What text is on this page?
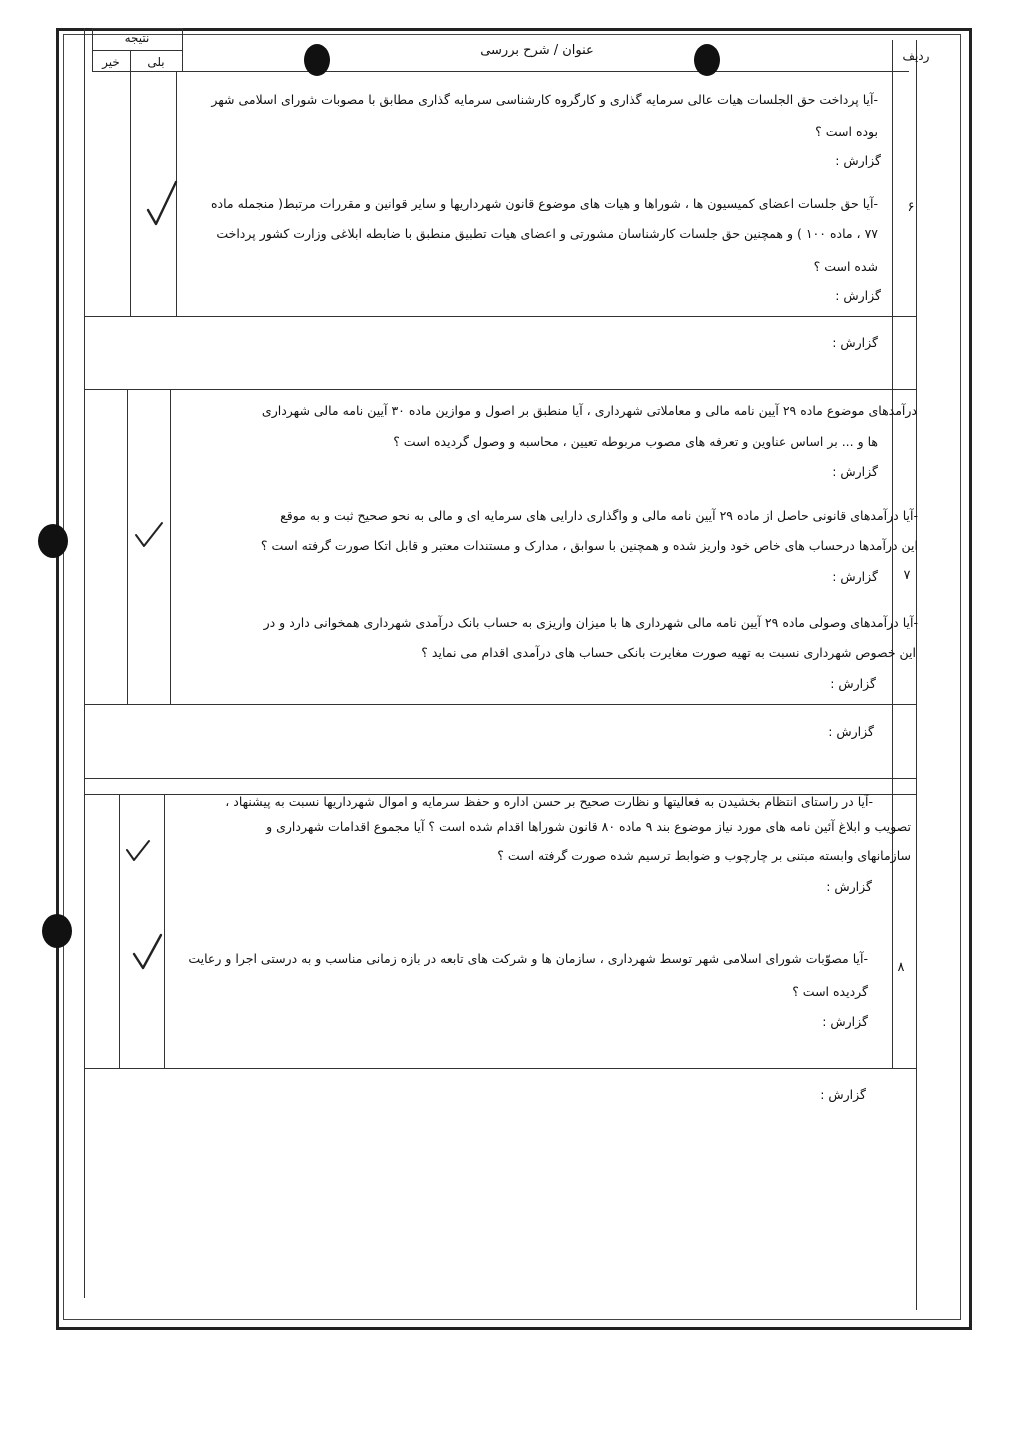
نتیجه
بلی
خیر
عنوان / شرح بررسی	ردیف
۶
-آیا پرداخت حق الجلسات هیات عالی سرمایه گذاری و کارگروه کارشناسی سرمایه گذاری مطابق با مصوبات شورای اسلامی شهر
بوده است ؟
گزارش :
-آیا حق جلسات اعضای کمیسیون ها ، شوراها و هیات های موضوع قانون شهرداریها و سایر قوانین و مقررات مرتبط( منجمله ماده
۷۷ ، ماده ۱۰۰ ) و همچنین حق جلسات کارشناسان مشورتی و اعضای هیات تطبیق منطبق با ضابطه ابلاغی وزارت کشور پرداخت
شده است ؟
گزارش :
گزارش :
۷
درآمدهای موضوع ماده ۲۹ آیین نامه مالی و معاملاتی شهرداری ، آیا منطبق بر اصول و موازین ماده ۳۰ آیین نامه مالی شهرداری
ها و ... بر اساس عناوین و تعرفه های مصوب مربوطه تعیین ، محاسبه و وصول گردیده است ؟
گزارش :
-آیا درآمدهای قانونی حاصل از ماده ۲۹ آیین نامه مالی و واگذاری دارایی های سرمایه ای و مالی به نحو صحیح ثبت و به موقع
این درآمدها درحساب های خاص خود واریز شده و همچنین با سوابق ، مدارک و مستندات معتبر و قابل اتکا صورت گرفته است ؟
گزارش :
-آیا درآمدهای وصولی ماده ۲۹ آیین نامه مالی شهرداری ها با میزان واریزی به حساب بانک درآمدی شهرداری همخوانی دارد و در
این خصوص شهرداری نسبت به تهیه صورت مغایرت بانکی حساب های درآمدی اقدام می نماید ؟
گزارش :
گزارش :
۸
-آیا در راستای انتظام بخشیدن به فعالیتها و نظارت صحیح بر حسن اداره و حفظ سرمایه و اموال شهرداریها نسبت به پیشنهاد ،
تصویب و ابلاغ آئین نامه های مورد نیاز موضوع بند ۹ ماده ۸۰ قانون شوراها اقدام شده است ؟ آیا مجموع اقدامات شهرداری و
سازمانهای وابسته مبتنی بر چارچوب و ضوابط ترسیم شده صورت گرفته است ؟
گزارش :
-آیا مصوّبات شورای اسلامی شهر توسط شهرداری ، سازمان ها و شرکت های تابعه در بازه زمانی مناسب و به درستی اجرا و رعایت
گردیده است ؟
گزارش :
گزارش :
